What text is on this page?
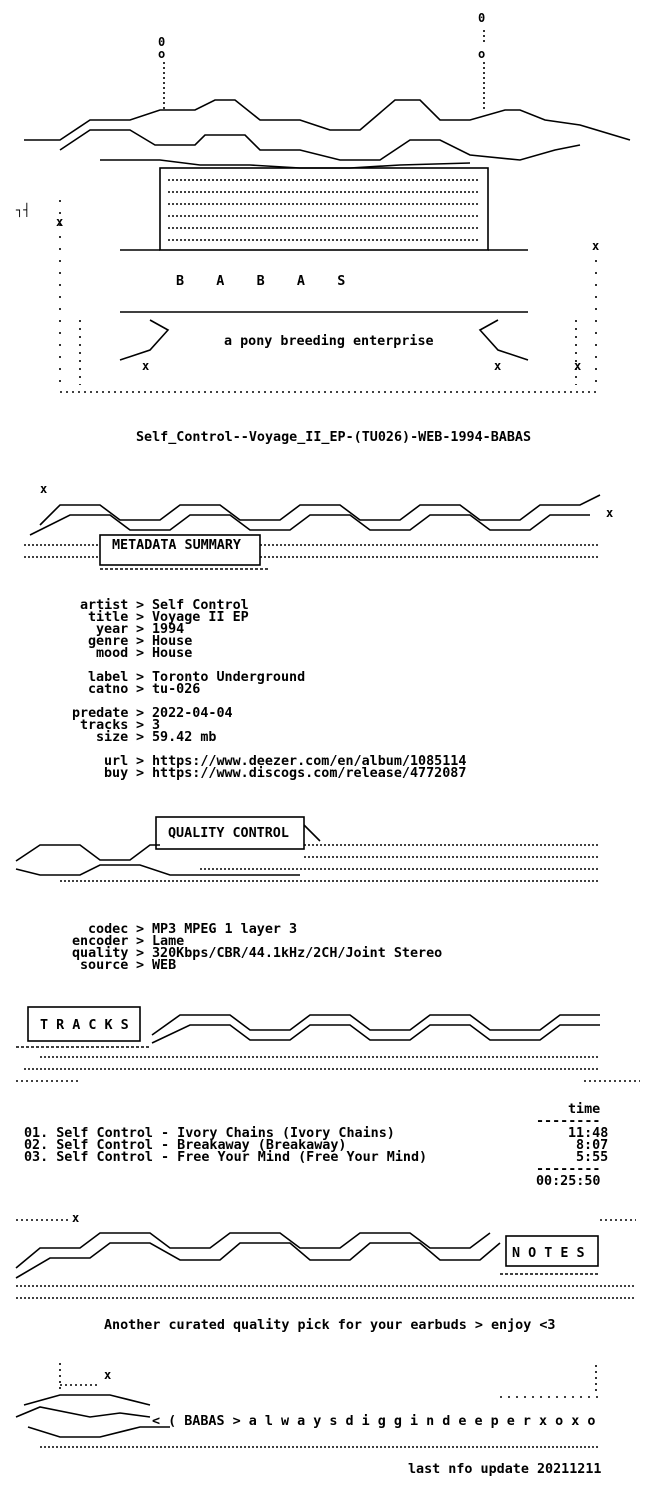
0
o
0
o
┐┤
x
x
x	x	x
B    A    B    A    S
a pony breeding enterprise
Self_Control--Voyage_II_EP-(TU026)-WEB-1994-BABAS
x
x
METADATA SUMMARY
artist > Self Control
title > Voyage II EP
year > 1994
genre > House
mood > House
label > Toronto Underground
catno > tu-026
predate > 2022-04-04
tracks > 3
size > 59.42 mb
url > https://www.deezer.com/en/album/1085114
buy > https://www.discogs.com/release/4772087
QUALITY CONTROL
codec > MP3 MPEG 1 layer 3
encoder > Lame
quality > 320Kbps/CBR/44.1kHz/2CH/Joint Stereo
source > WEB
T R A C K S
time
--------
01. Self Control - Ivory Chains (Ivory Chains)	11:48
02. Self Control - Breakaway (Breakaway)	8:07
03. Self Control - Free Your Mind (Free Your Mind)	5:55
--------
00:25:50
x
N O T E S
Another curated quality pick for your earbuds > enjoy <3
x
< ( BABAS > a l w a y s d i g g i n d e e p e r x o x o
last nfo update 20211211
